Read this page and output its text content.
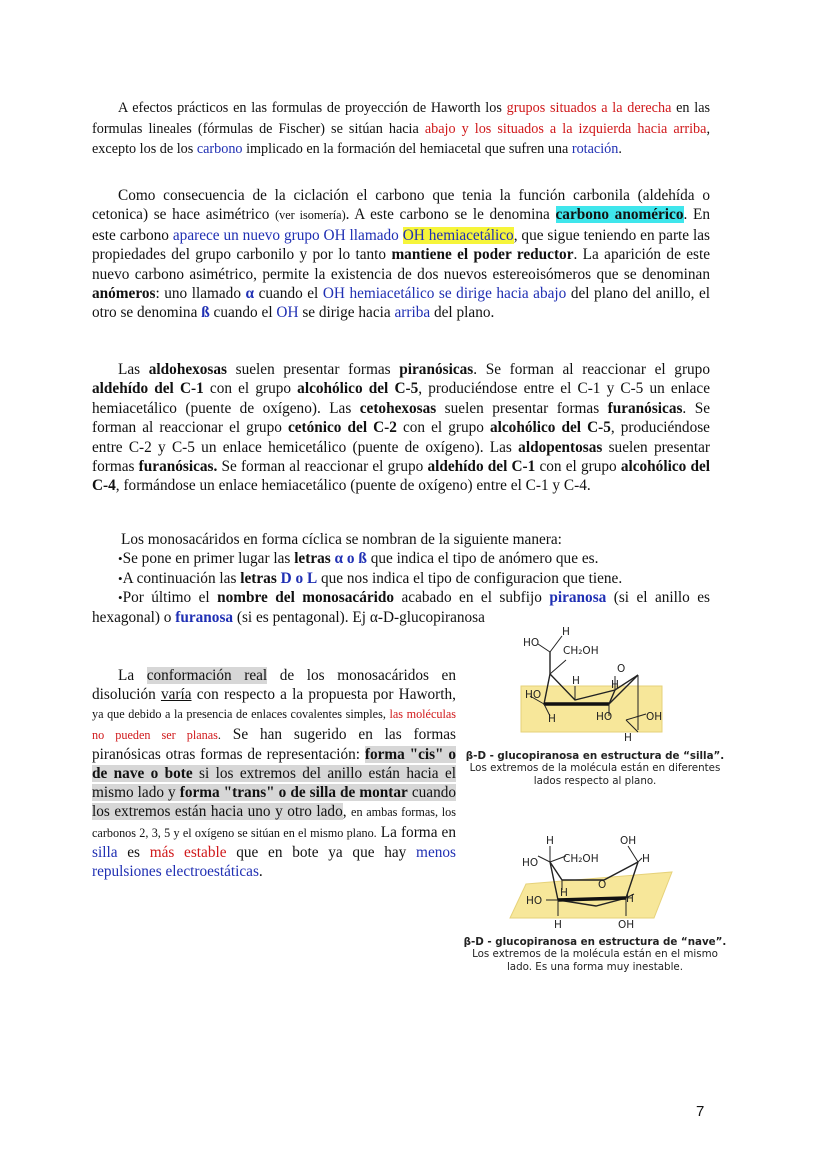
A efectos prácticos en las formulas de proyección de Haworth los grupos situados a la derecha en las formulas lineales (fórmulas de Fischer) se sitúan hacia abajo y los situados a la izquierda hacia arriba, excepto los de los carbono implicado en la formación del hemiacetal que sufren una rotación.

Como consecuencia de la ciclación el carbono que tenia la función carbonila (aldehída o cetonica) se hace asimétrico (ver isomería). A este carbono se le denomina carbono anomérico. En este carbono aparece un nuevo grupo OH llamado OH hemiacetálico, que sigue teniendo en parte las propiedades del grupo carbonilo y por lo tanto mantiene el poder reductor. La aparición de este nuevo carbono asimétrico, permite la existencia de dos nuevos estereoisómeros que se denominan anómeros: uno llamado α cuando el OH hemiacetálico se dirige hacia abajo del plano del anillo, el otro se denomina ß cuando el OH se dirige hacia arriba del plano.

Las aldohexosas suelen presentar formas piranósicas. Se forman al reaccionar el grupo aldehído del C-1 con el grupo alcohólico del C-5, produciéndose entre el C-1 y C-5 un enlace hemiacetálico (puente de oxígeno). Las cetohexosas suelen presentar formas furanósicas. Se forman al reaccionar el grupo cetónico del C-2 con el grupo alcohólico del C-5, produciéndose entre C-2 y C-5 un enlace hemicetálico (puente de oxígeno). Las aldopentosas suelen presentar formas furanósicas. Se forman al reaccionar el grupo aldehído del C-1 con el grupo alcohólico del C-4, formándose un enlace hemiacetálico (puente de oxígeno) entre el C-1 y C-4.

Los monosacáridos en forma cíclica se nombran de la siguiente manera:
•Se pone en primer lugar las letras α o ß que indica el tipo de anómero que es.
•A continuación las letras D o L que nos indica el tipo de configuracion que tiene.
•Por último el nombre del monosacárido acabado en el subfijo piranosa (si el anillo es hexagonal) o furanosa (si es pentagonal). Ej α-D-glucopiranosa

La conformación real de los monosacáridos en disolución varía con respecto a la propuesta por Haworth, ya que debido a la presencia de enlaces covalentes simples, las moléculas no pueden ser planas. Se han sugerido en las formas piranósicas otras formas de representación: forma "cis" o de nave o bote si los extremos del anillo están hacia el mismo lado y forma "trans" o de silla de montar cuando los extremos están hacia uno y otro lado, en ambas formas, los carbonos 2, 3, 5 y el oxígeno se sitúan en el mismo plano. La forma en silla es más estable que en bote ya que hay menos repulsiones electroestáticas.

H
HO
CH₂OH
O
H	H
HO
H	HO	OH
H
β-D - glucopiranosa en estructura de “silla”.
Los extremos de la molécula están en diferentes lados respecto al plano.
H	OH
HO CH₂OH	H
O
H
HO	H
H	OH
β-D - glucopiranosa en estructura de “nave”.
Los extremos de la molécula están en el mismo lado. Es una forma muy inestable.
7
